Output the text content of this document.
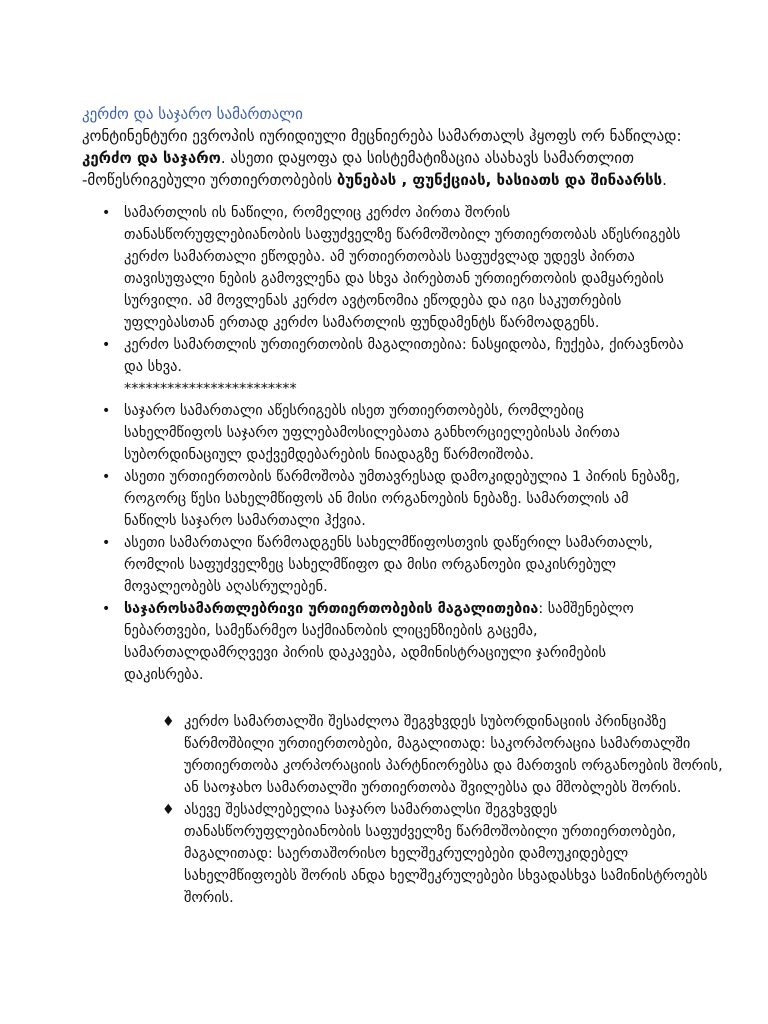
კერძო და საჯარო სამართალი

კონტინენტური ევროპის იურიდიული მეცნიერება სამართალს ჰყოფს ორ ნაწილად: კერძო და საჯარო. ასეთი დაყოფა და სისტემატიზაცია ასახავს სამართლით -მოწესრიგებული ურთიერთობების ბუნებას , ფუნქციას, ხასიათს და შინაარსს.

• სამართლის ის ნაწილი, რომელიც კერძო პირთა შორის თანასწორუფლებიანობის საფუძველზე წარმოშობილ ურთიერთობას აწესრიგებს კერძო სამართალი ეწოდება. ამ ურთიერთობას საფუძვლად უდევს პირთა თავისუფალი ნების გამოვლენა და სხვა პირებთან ურთიერთობის დამყარების სურვილი. ამ მოვლენას კერძო ავტონომია ეწოდება და იგი საკუთრების უფლებასთან ერთად კერძო სამართლის ფუნდამენტს წარმოადგენს.
• კერძო სამართლის ურთიერთობის მაგალითებია: ნასყიდობა, ჩუქება, ქირავნობა და სხვა.
************************
• საჯარო სამართალი აწესრიგებს ისეთ ურთიერთობებს, რომლებიც სახელმწიფოს საჯარო უფლებამოსილებათა განხორციელებისას პირთა სუბორდინაციულ დაქვემდებარების ნიადაგზე წარმოიშობა.
• ასეთი ურთიერთობის წარმოშობა უმთავრესად დამოკიდებულია 1 პირის ნებაზე, როგორც წესი სახელმწიფოს ან მისი ორგანოების ნებაზე. სამართლის ამ ნაწილს საჯარო სამართალი ჰქვია.
• ასეთი სამართალი წარმოადგენს სახელმწიფოსთვის დაწერილ სამართალს, რომლის საფუძველზეც სახელმწიფო და მისი ორგანოები დაკისრებულ მოვალეობებს აღასრულებენ.
• საჯაროსამართლებრივი ურთიერთობების მაგალითებია: სამშენებლო ნებართვები, სამეწარმეო საქმიანობის ლიცენზიების გაცემა, სამართალდამრღვევი პირის დაკავება, ადმინისტრაციული ჯარიმების დაკისრება.
♦ კერძო სამართალში შესაძლოა შეგვხვდეს სუბორდინაციის პრინციპზე წარმოშბილი ურთიერთობები, მაგალითად: საკორპორაცია სამართალში ურთიერთობა კორპორაციის პარტნიორებსა და მართვის ორგანოების შორის, ან საოჯახო სამართალში ურთიერთობა შვილებსა და მშობლებს შორის.
♦ ასევე შესაძლებელია საჯარო სამართალსი შეგვხვდეს თანასწორუფლებიანობის საფუძველზე წარმოშობილი ურთიერთობები, მაგალითად: საერთაშორისო ხელშეკრულებები დამოუკიდებელ სახელმწიფოებს შორის ანდა ხელშეკრულებები სხვადასხვა სამინისტროებს შორის.
